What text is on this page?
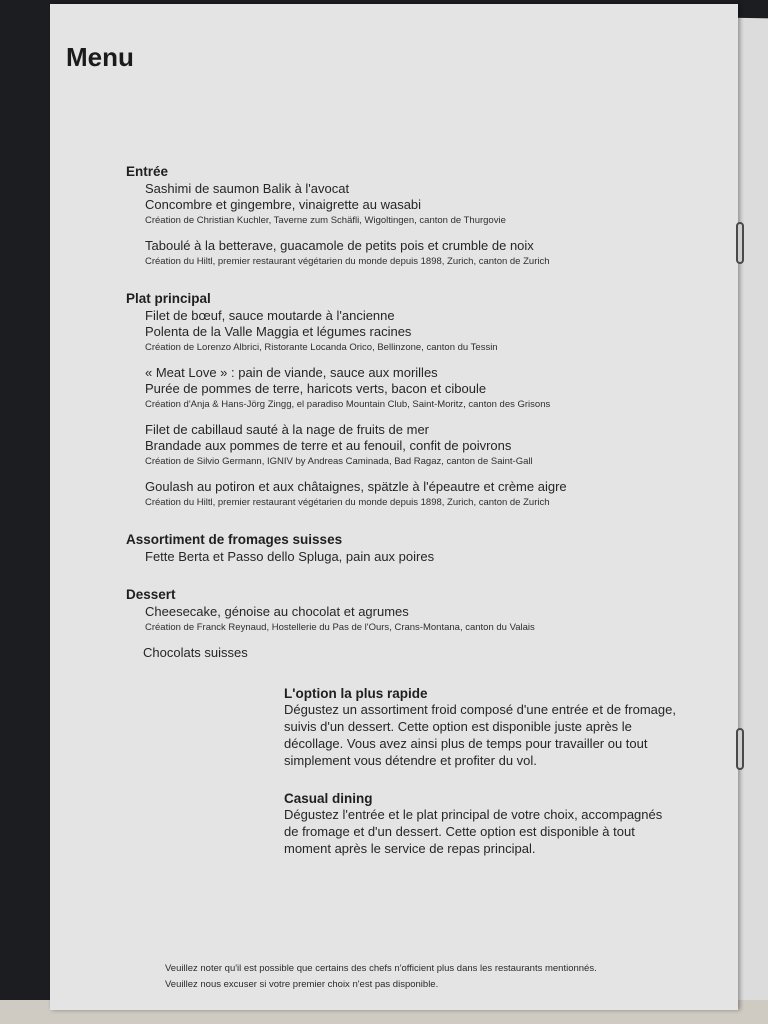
Menu
Entrée
Sashimi de saumon Balik à l'avocat
Concombre et gingembre, vinaigrette au wasabi
Création de Christian Kuchler, Taverne zum Schäfli, Wigoltingen, canton de Thurgovie
Taboulé à la betterave, guacamole de petits pois et crumble de noix
Création du Hiltl, premier restaurant végétarien du monde depuis 1898, Zurich, canton de Zurich
Plat principal
Filet de bœuf, sauce moutarde à l'ancienne
Polenta de la Valle Maggia et légumes racines
Création de Lorenzo Albrici, Ristorante Locanda Orico, Bellinzone, canton du Tessin
« Meat Love » : pain de viande, sauce aux morilles
Purée de pommes de terre, haricots verts, bacon et ciboule
Création d'Anja & Hans-Jörg Zingg, el paradiso Mountain Club, Saint-Moritz, canton des Grisons
Filet de cabillaud sauté à la nage de fruits de mer
Brandade aux pommes de terre et au fenouil, confit de poivrons
Création de Silvio Germann, IGNIV by Andreas Caminada, Bad Ragaz, canton de Saint-Gall
Goulash au potiron et aux châtaignes, spätzle à l'épeautre et crème aigre
Création du Hiltl, premier restaurant végétarien du monde depuis 1898, Zurich, canton de Zurich
Assortiment de fromages suisses
Fette Berta et Passo dello Spluga, pain aux poires
Dessert
Cheesecake, génoise au chocolat et agrumes
Création de Franck Reynaud, Hostellerie du Pas de l'Ours, Crans-Montana, canton du Valais
Chocolats suisses
L'option la plus rapide
Dégustez un assortiment froid composé d'une entrée et de fromage,
suivis d'un dessert. Cette option est disponible juste après le
décollage. Vous avez ainsi plus de temps pour travailler ou tout
simplement vous détendre et profiter du vol.
Casual dining
Dégustez l'entrée et le plat principal de votre choix, accompagnés
de fromage et d'un dessert. Cette option est disponible à tout
moment après le service de repas principal.
Veuillez noter qu'il est possible que certains des chefs n'officient plus dans les restaurants mentionnés.
Veuillez nous excuser si votre premier choix n'est pas disponible.
